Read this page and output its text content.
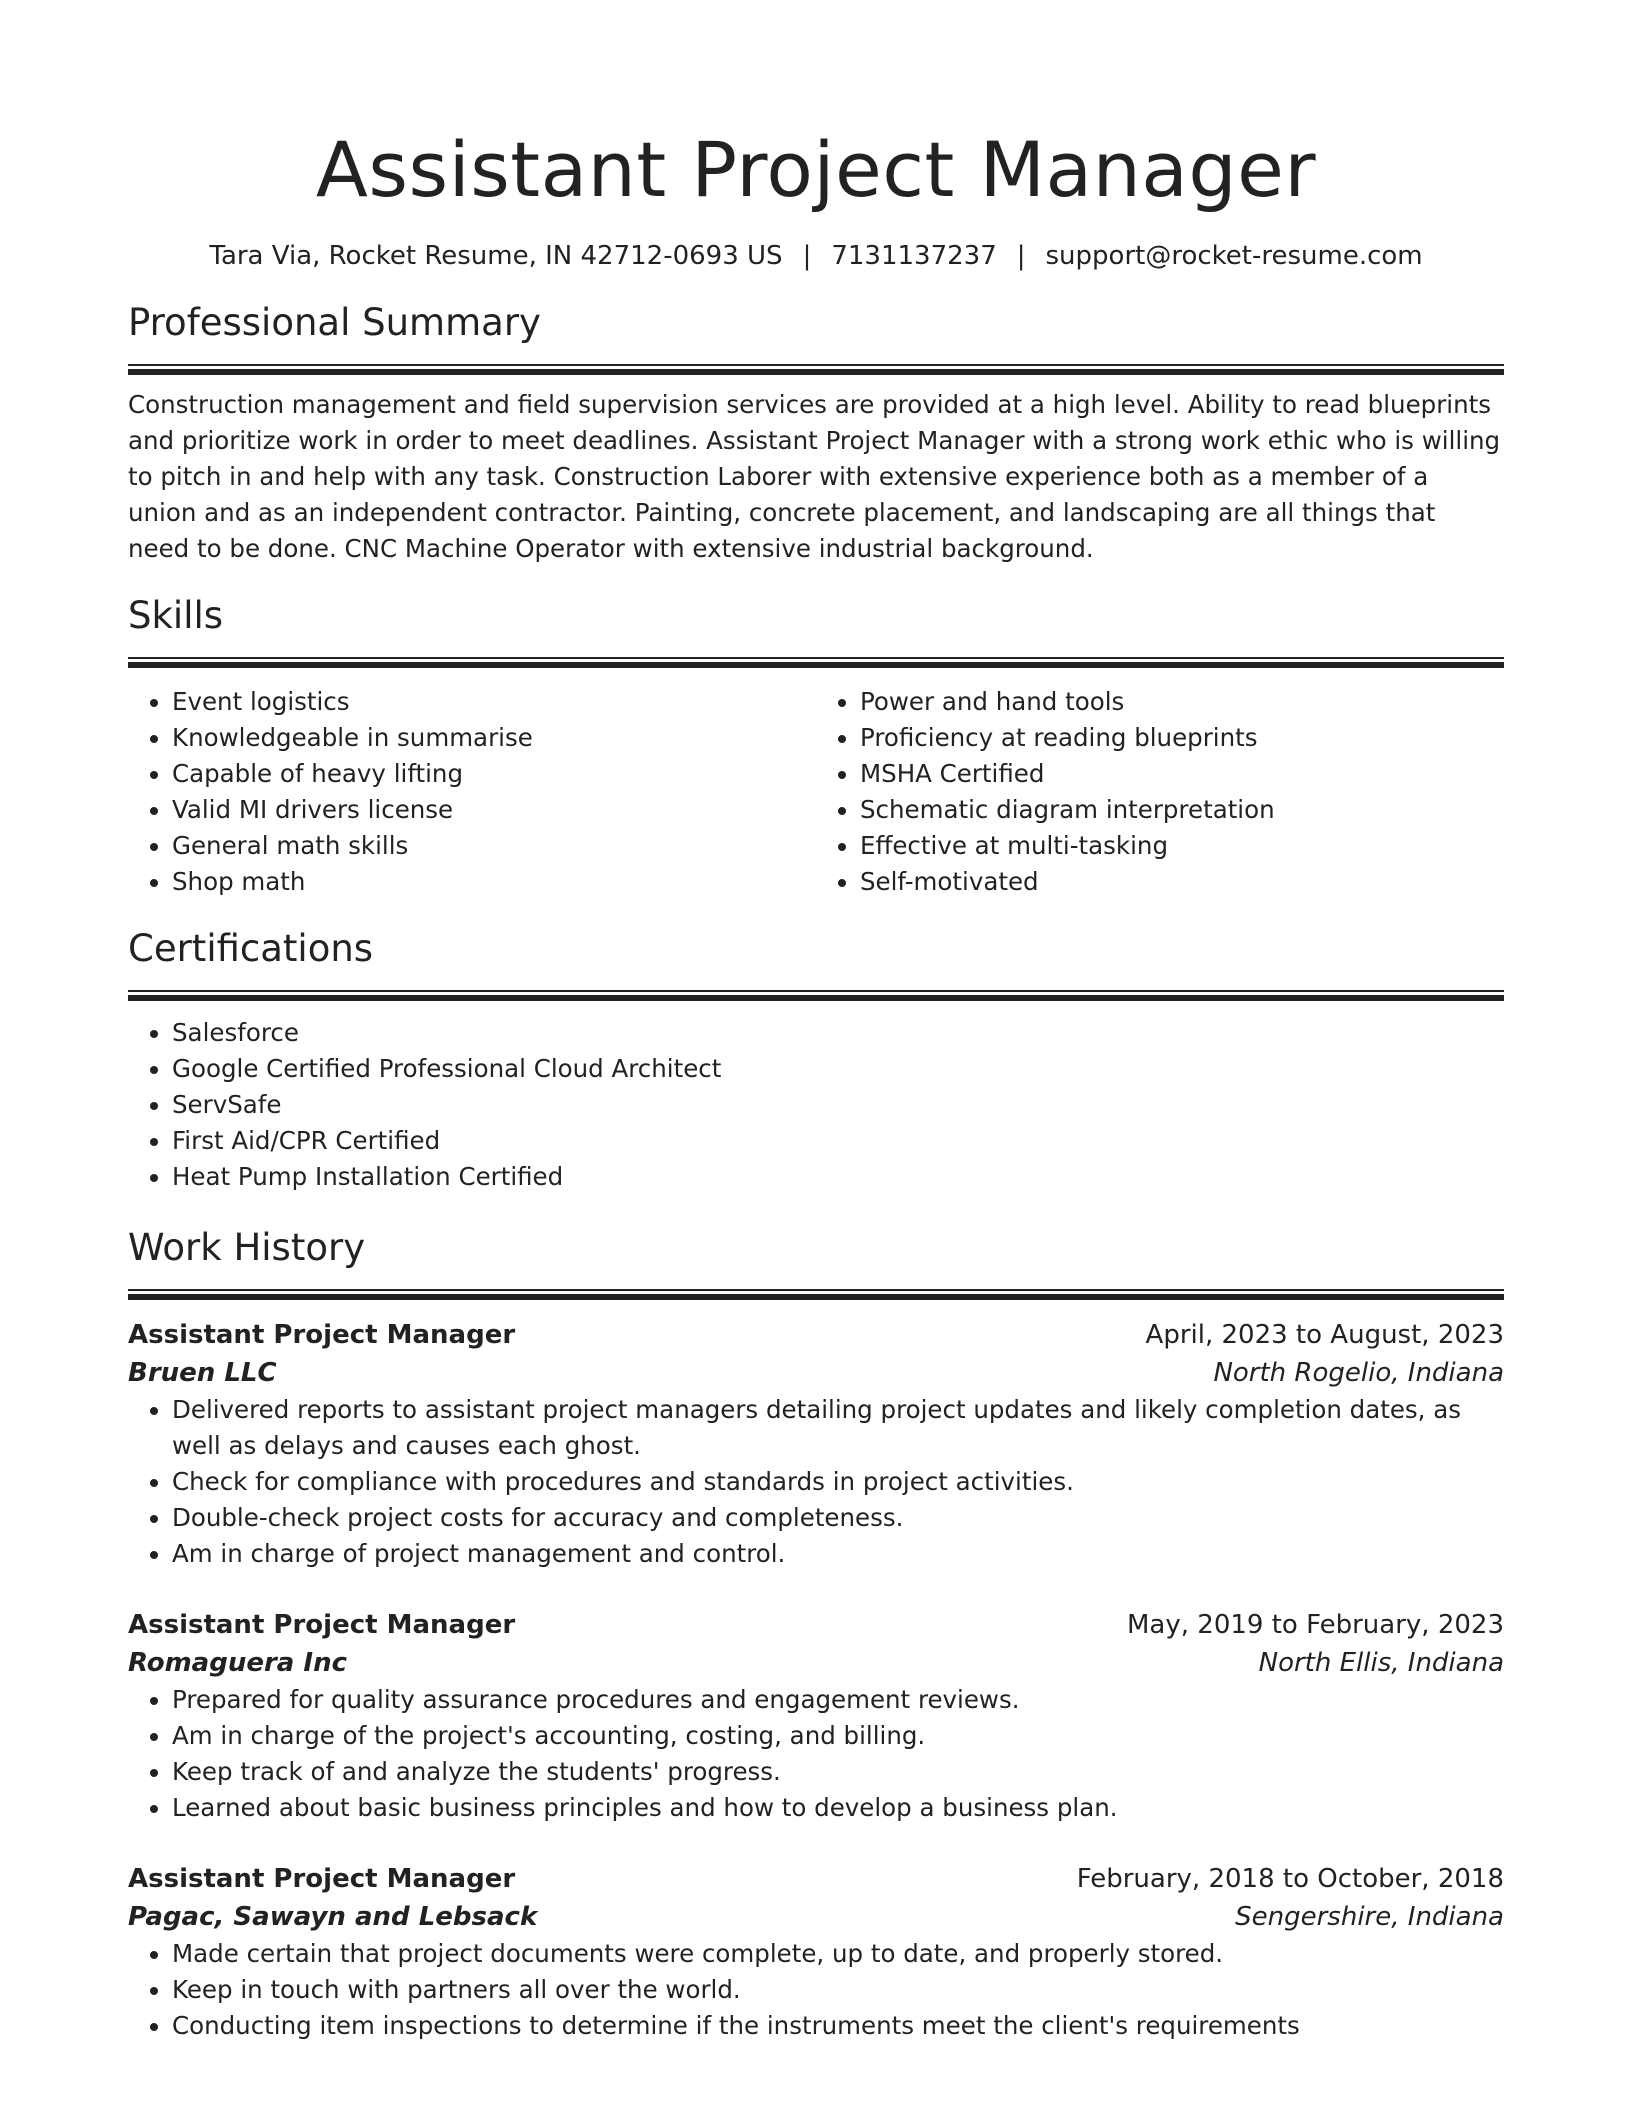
Assistant Project Manager
Tara Via, Rocket Resume, IN 42712-0693 US | 7131137237 | support@rocket-resume.com
Professional Summary

Construction management and field supervision services are provided at a high level. Ability to read blueprints and prioritize work in order to meet deadlines. Assistant Project Manager with a strong work ethic who is willing to pitch in and help with any task. Construction Laborer with extensive experience both as a member of a union and as an independent contractor. Painting, concrete placement, and landscaping are all things that need to be done. CNC Machine Operator with extensive industrial background.

Skills
• Event logistics
• Knowledgeable in summarise
• Capable of heavy lifting
• Valid MI drivers license
• General math skills
• Shop math
• Power and hand tools
• Proficiency at reading blueprints
• MSHA Certified
• Schematic diagram interpretation
• Effective at multi-tasking
• Self-motivated
Certifications
• Salesforce
• Google Certified Professional Cloud Architect
• ServSafe
• First Aid/CPR Certified
• Heat Pump Installation Certified
Work History
Assistant Project Manager	April, 2023 to August, 2023
Bruen LLC	North Rogelio, Indiana
• Delivered reports to assistant project managers detailing project updates and likely completion dates, as well as delays and causes each ghost.
• Check for compliance with procedures and standards in project activities.
• Double-check project costs for accuracy and completeness.
• Am in charge of project management and control.
Assistant Project Manager	May, 2019 to February, 2023
Romaguera Inc	North Ellis, Indiana
• Prepared for quality assurance procedures and engagement reviews.
• Am in charge of the project's accounting, costing, and billing.
• Keep track of and analyze the students' progress.
• Learned about basic business principles and how to develop a business plan.
Assistant Project Manager	February, 2018 to October, 2018
Pagac, Sawayn and Lebsack	Sengershire, Indiana
• Made certain that project documents were complete, up to date, and properly stored.
• Keep in touch with partners all over the world.
• Conducting item inspections to determine if the instruments meet the client's requirements
